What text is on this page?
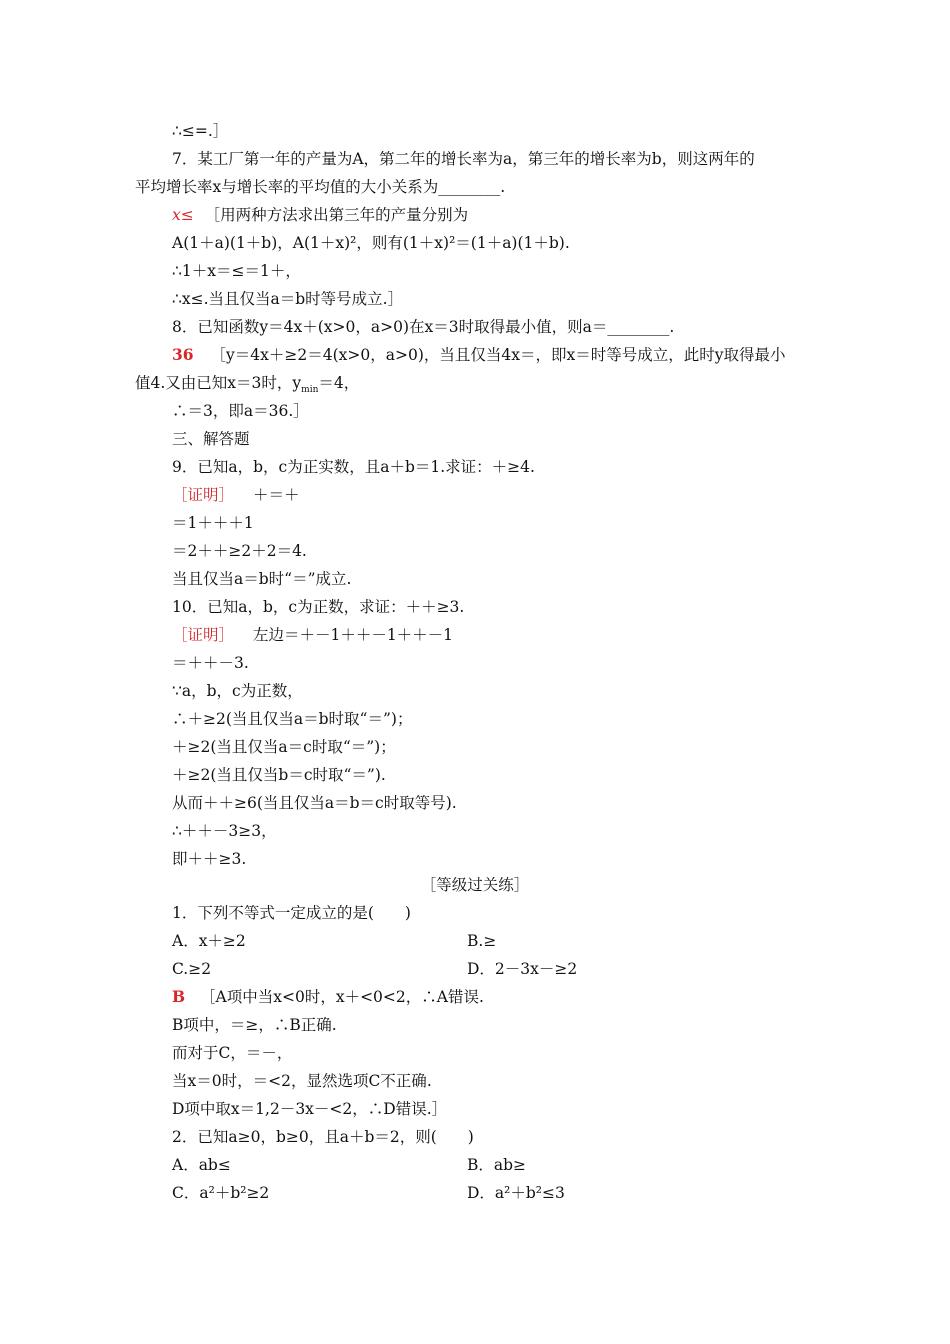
∴≤=.］
7．某工厂第一年的产量为A，第二年的增长率为a，第三年的增长率为b，则这两年的
平均增长率x与增长率的平均值的大小关系为________.
x≤ ［用两种方法求出第三年的产量分别为
A(1＋a)(1＋b)，A(1＋x)²，则有(1＋x)²＝(1＋a)(1＋b).
∴1＋x＝≤＝1＋，
∴x≤.当且仅当a＝b时等号成立.］
8．已知函数y＝4x＋(x>0，a>0)在x＝3时取得最小值，则a＝________.
36 ［y＝4x＋≥2＝4(x>0，a>0)，当且仅当4x＝，即x＝时等号成立，此时y取得最小
值4.又由已知x＝3时，$y_{min}=4$，
∴＝3，即a＝36.］
三、解答题
9．已知a，b，c为正实数，且a＋b＝1.求证：＋≥4.
［证明］ ＋＝＋
＝1＋＋＋1
＝2＋＋≥2＋2＝4.
当且仅当a＝b时“＝”成立.
10．已知a，b，c为正数，求证：＋＋≥3.
［证明］ 左边＝＋－1＋＋－1＋＋－1
＝＋＋－3.
∵a，b，c为正数，
∴＋≥2(当且仅当a＝b时取“＝”)；
＋≥2(当且仅当a＝c时取“＝”)；
＋≥2(当且仅当b＝c时取“＝”).
从而＋＋≥6(当且仅当a＝b＝c时取等号).
∴＋＋－3≥3，
即＋＋≥3.
［等级过关练］
1．下列不等式一定成立的是(　　)
A．x＋≥2	B.≥
C.≥2	D．2－3x－≥2
B ［A项中当x<0时，x＋<0<2，∴A错误.
B项中，＝≥，∴B正确.
而对于C，＝－，
当x＝0时，＝<2，显然选项C不正确.
D项中取x＝1,2－3x－<2，∴D错误.］
2．已知a≥0，b≥0，且a＋b＝2，则(　　)
A．ab≤	B．ab≥
C．a²＋b²≥2	D．a²＋b²≤3
